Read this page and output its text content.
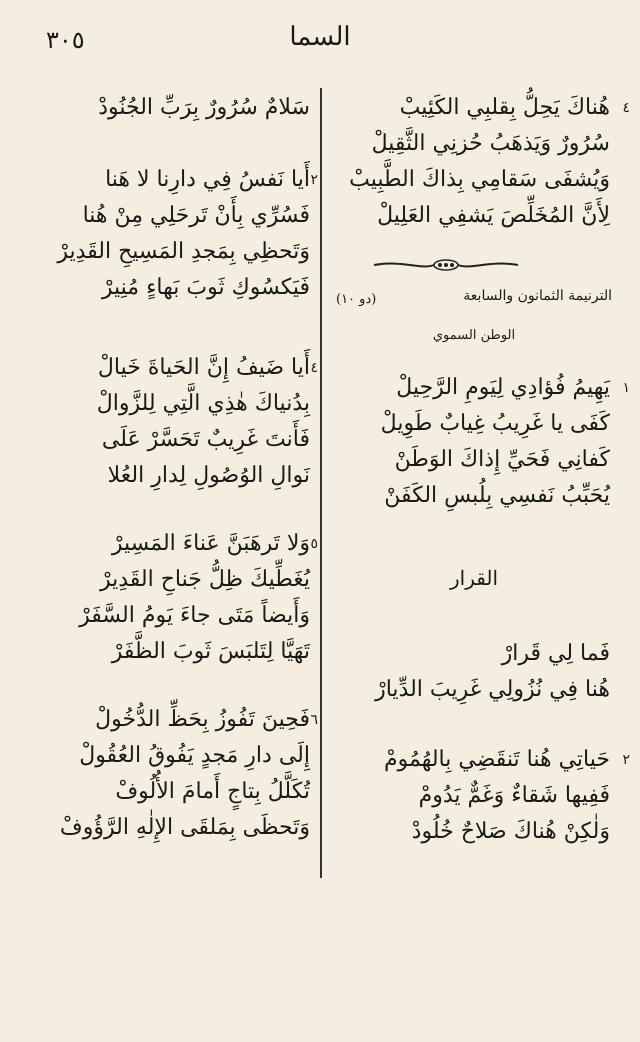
السما
٣٠٥
٤
هُناكَ يَحِلُّ بِقلبِي الكَئِيبْ
سُرُورٌ وَيَذهَبُ حُزنِي الثَّقِيلْ
وَيُشفَى سَقامِي بِذاكَ الطَّبِيبْ
لِأَنَّ المُخَلِّصَ يَشفِي العَلِيلْ
الترنيمة الثمانون والسابعة
(دو ١٠)
الوطن السموي
١
يَهِيمُ فُؤادِي لِيَومِ الرَّحِيلْ
كَفَى يا غَرِيبُ غِيابٌ طَوِيلْ
كَفانِي فَحَيِّ إِذاكَ الوَطَنْ
يُحَبِّبُ نَفسِي بِلُبسِ الكَفَنْ
فَما لِي قَرارْ
هُنا فِي نُزُولِي غَرِيبَ الدِّيارْ
٢
حَياتِي هُنا تَنقَضِي بِالهُمُومْ
فَفِيها شَقاءٌ وَغَمٌّ يَدُومْ
وَلٰكِنْ هُناكَ صَلاحٌ خُلُودْ
القرار
سَلامٌ سُرُورٌ بِرَبِّ الجُنُودْ
٢
أَيا نَفسُ فِي دارِنا لا هَنا
فَسُرِّي بِأَنْ تَرحَلِي مِنْ هُنا
وَتَحظِي بِمَجدِ المَسِيحِ القَدِيرْ
فَيَكسُوكِ ثَوبَ بَهاءٍ مُنِيرْ
٤
أَيا ضَيفُ إِنَّ الحَياةَ خَيالْ
بِدُنياكَ هٰذِي الَّتِي لِلزَّوالْ
فَأَنتَ غَرِيبٌ تَحَسَّرْ عَلَى
نَوالِ الوُصُولِ لِدارِ العُلا
٥
وَلا تَرهَبَنَّ عَناءَ المَسِيرْ
يُغَطِّيكَ ظِلُّ جَناحِ القَدِيرْ
وَأَيضاً مَتَى جاءَ يَومُ السَّفَرْ
تَهَيَّا لِتَلبَسَ ثَوبَ الظَّفَرْ
٦
فَحِينَ تَفُوزُ بِحَظِّ الدُّخُولْ
إِلَى دارِ مَجدٍ يَفُوقُ العُقُولْ
تُكَلَّلُ بِتاجٍ أَمامَ الأُلُوفْ
وَتَحظَى بِمَلقَى الإِلٰهِ الرَّؤُوفْ
